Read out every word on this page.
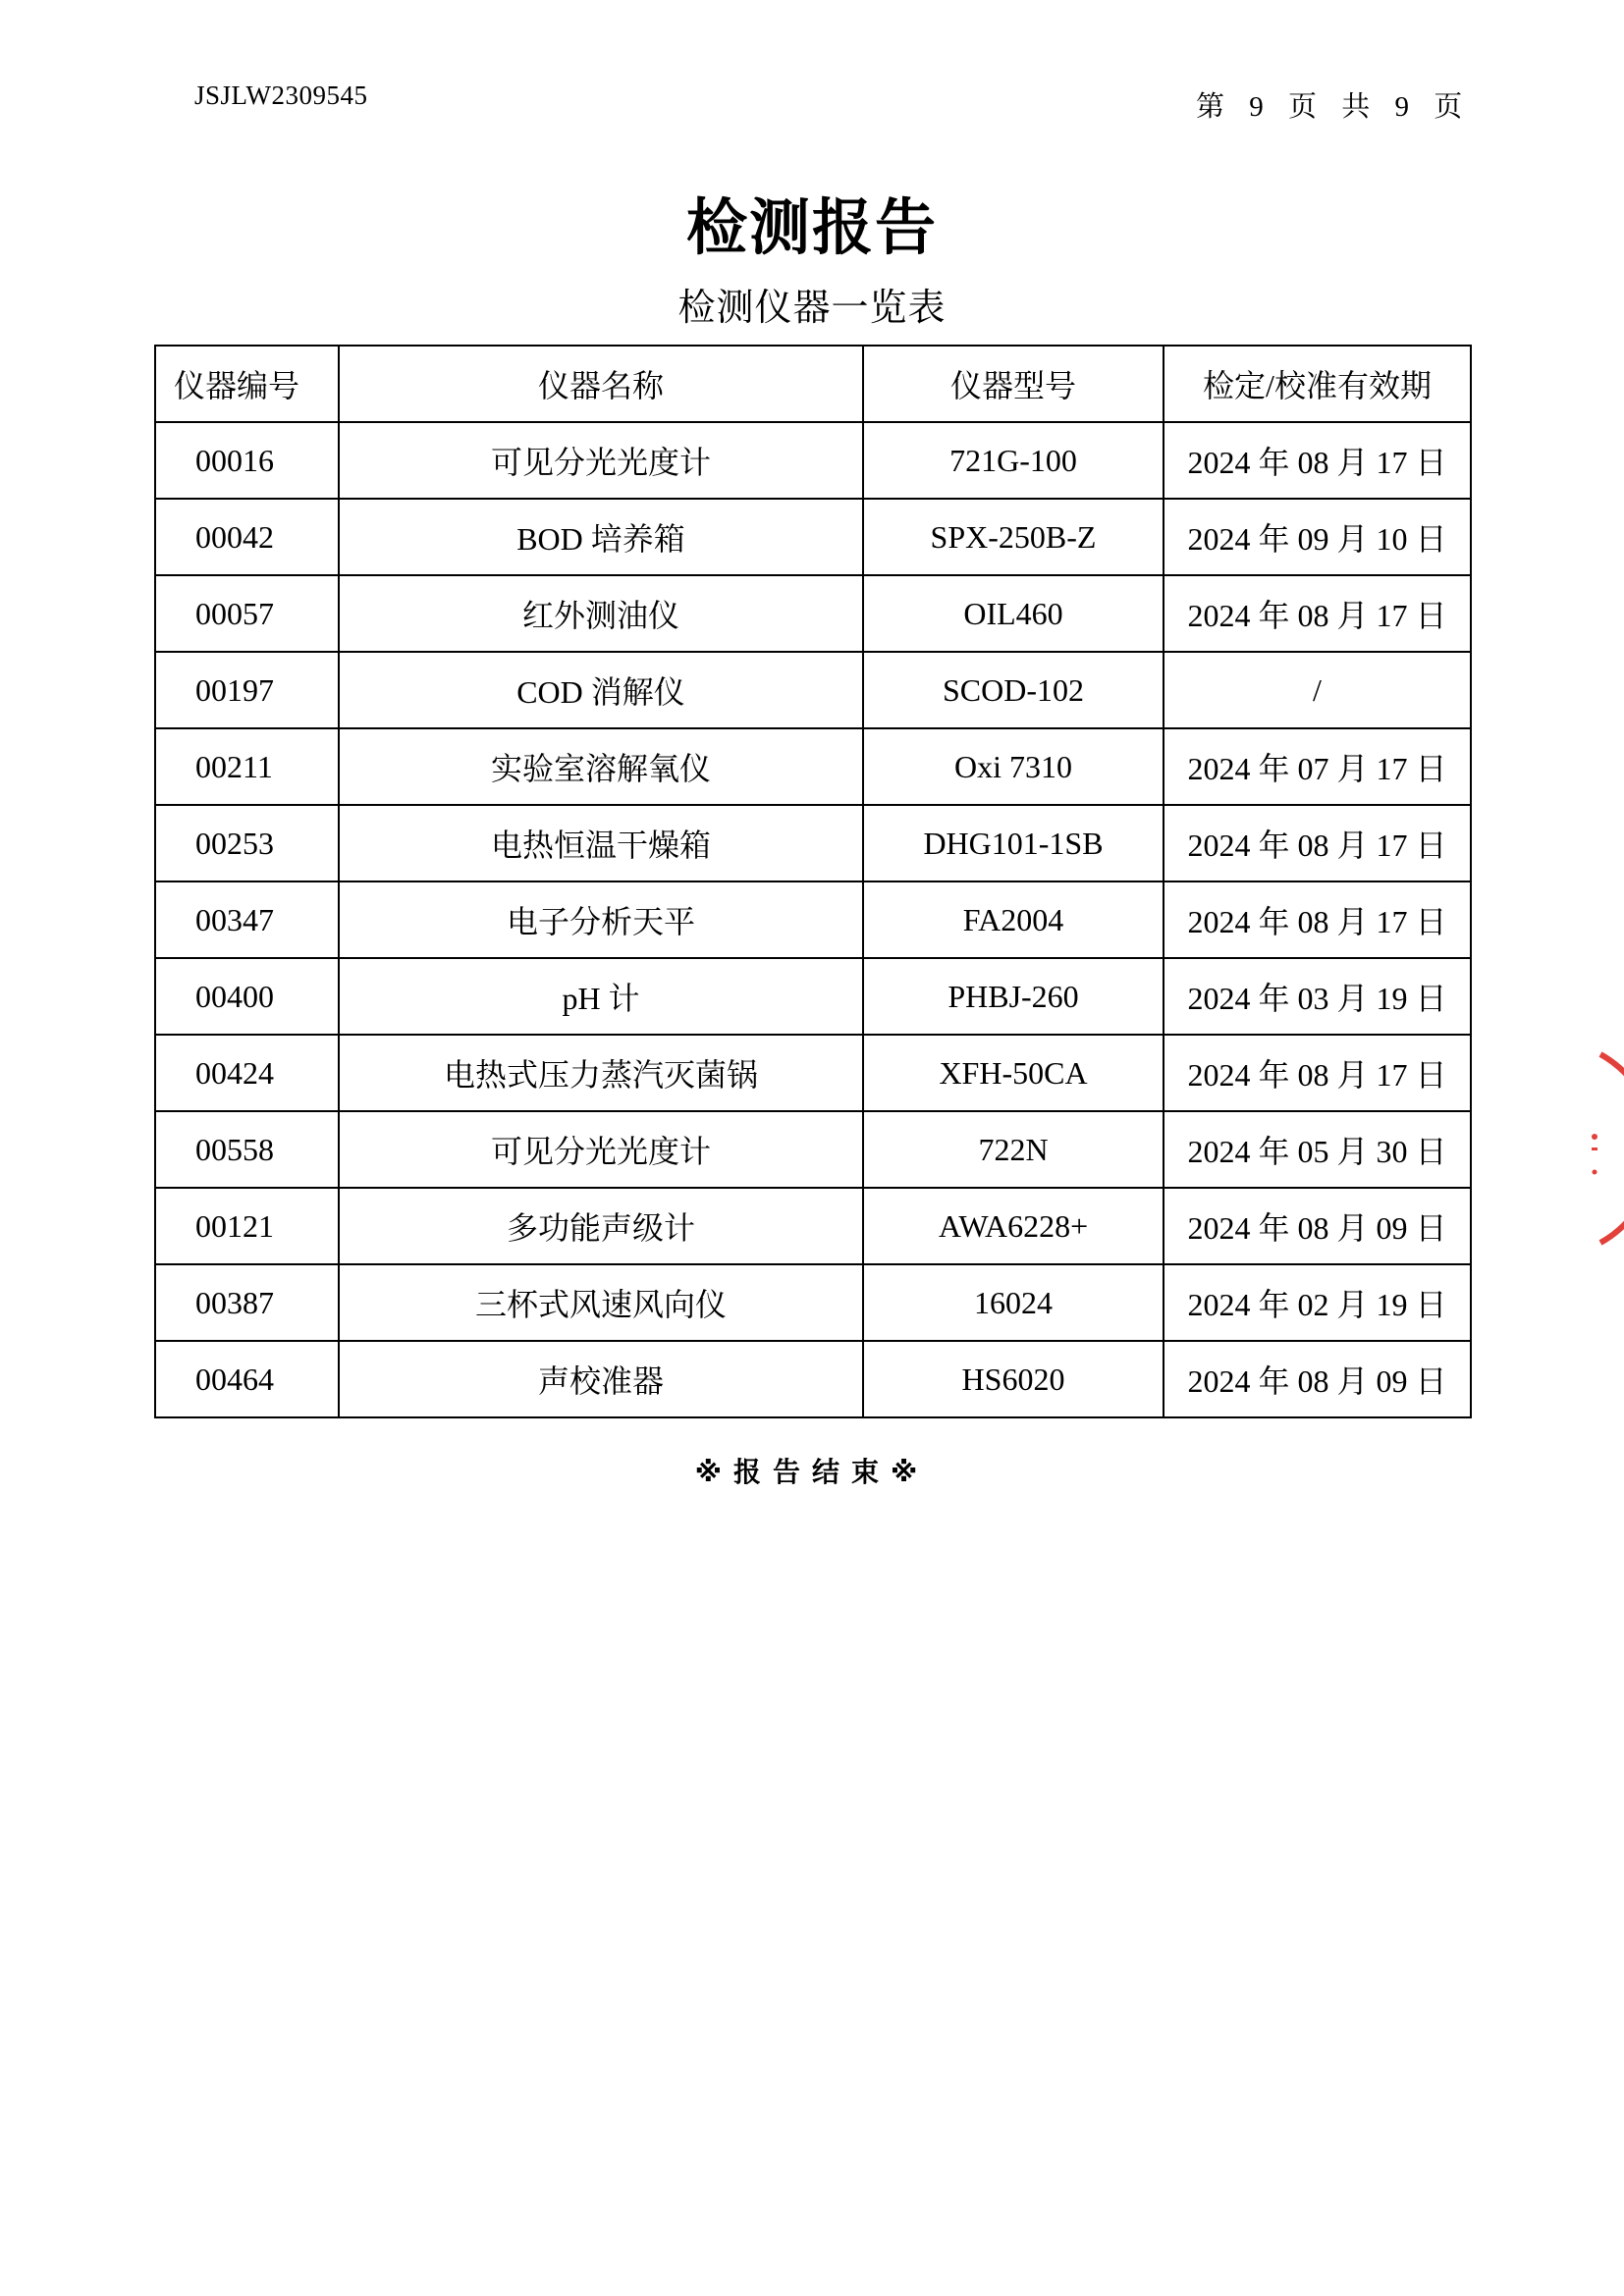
JSJLW2309545	第 9 页 共 9 页
检测报告
检测仪器一览表
仪器编号	仪器名称	仪器型号	检定/校准有效期
00016	可见分光光度计	721G-100	2024 年 08 月 17 日
00042	BOD 培养箱	SPX-250B-Z	2024 年 09 月 10 日
00057	红外测油仪	OIL460	2024 年 08 月 17 日
00197	COD 消解仪	SCOD-102	/
00211	实验室溶解氧仪	Oxi 7310	2024 年 07 月 17 日
00253	电热恒温干燥箱	DHG101-1SB	2024 年 08 月 17 日
00347	电子分析天平	FA2004	2024 年 08 月 17 日
00400	pH 计	PHBJ-260	2024 年 03 月 19 日
00424	电热式压力蒸汽灭菌锅	XFH-50CA	2024 年 08 月 17 日
00558	可见分光光度计	722N	2024 年 05 月 30 日
00121	多功能声级计	AWA6228+	2024 年 08 月 09 日
00387	三杯式风速风向仪	16024	2024 年 02 月 19 日
00464	声校准器	HS6020	2024 年 08 月 09 日
※报告结束※
